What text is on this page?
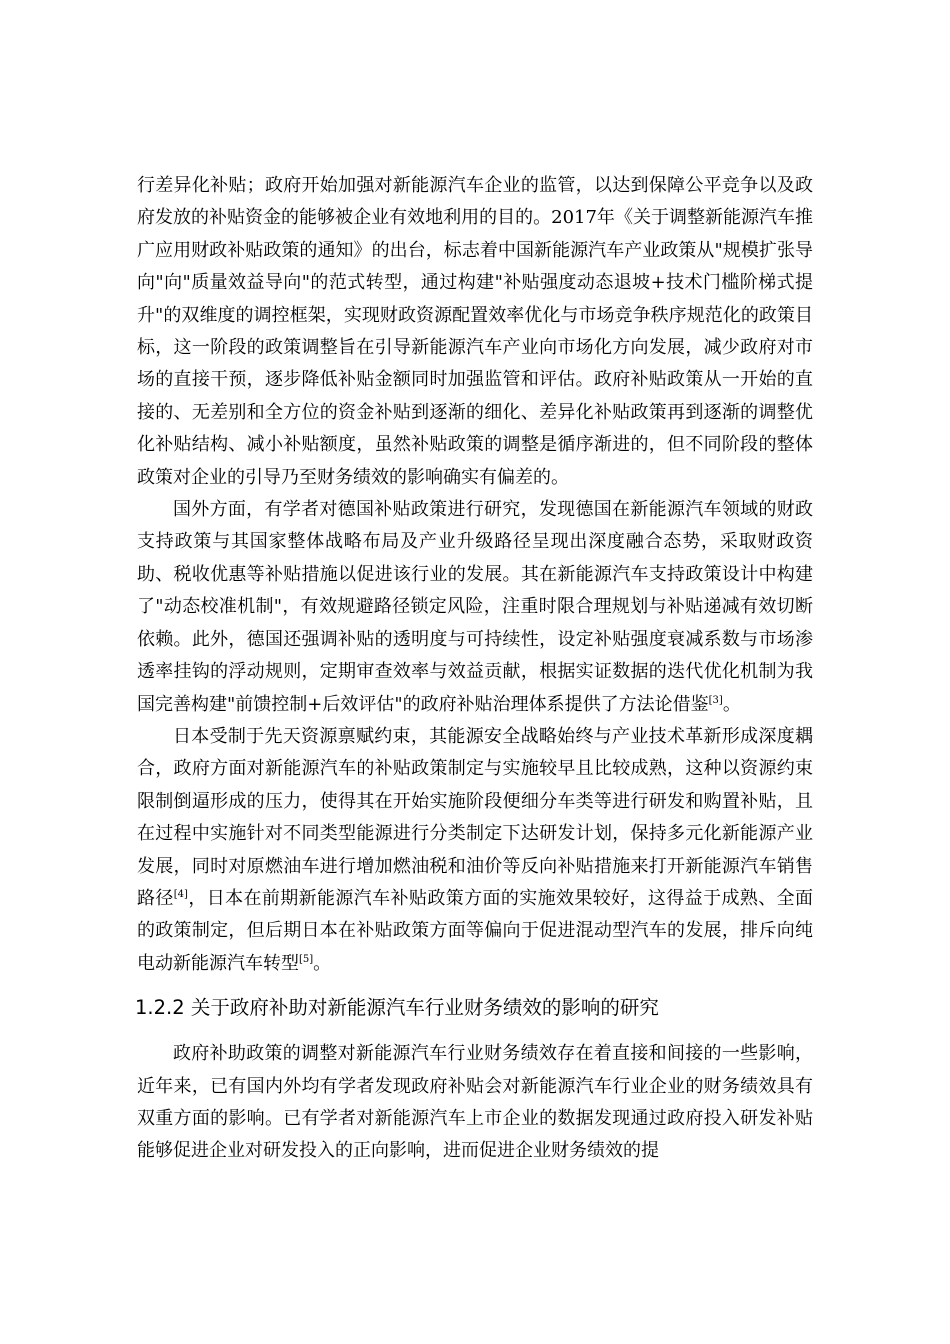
行差异化补贴；政府开始加强对新能源汽车企业的监管，以达到保障公平竞争以及政府发放的补贴资金的能够被企业有效地利用的目的。2017年《关于调整新能源汽车推广应用财政补贴政策的通知》的出台，标志着中国新能源汽车产业政策从"规模扩张导向"向"质量效益导向"的范式转型，通过构建"补贴强度动态退坡+技术门槛阶梯式提升"的双维度的调控框架，实现财政资源配置效率优化与市场竞争秩序规范化的政策目标，这一阶段的政策调整旨在引导新能源汽车产业向市场化方向发展，减少政府对市场的直接干预，逐步降低补贴金额同时加强监管和评估。政府补贴政策从一开始的直接的、无差别和全方位的资金补贴到逐渐的细化、差异化补贴政策再到逐渐的调整优化补贴结构、减小补贴额度，虽然补贴政策的调整是循序渐进的，但不同阶段的整体政策对企业的引导乃至财务绩效的影响确实有偏差的。

国外方面，有学者对德国补贴政策进行研究，发现德国在新能源汽车领域的财政支持政策与其国家整体战略布局及产业升级路径呈现出深度融合态势，采取财政资助、税收优惠等补贴措施以促进该行业的发展。其在新能源汽车支持政策设计中构建了"动态校准机制"，有效规避路径锁定风险，注重时限合理规划与补贴递减有效切断依赖。此外，德国还强调补贴的透明度与可持续性，设定补贴强度衰减系数与市场渗透率挂钩的浮动规则，定期审查效率与效益贡献，根据实证数据的迭代优化机制为我国完善构建"前馈控制+后效评估"的政府补贴治理体系提供了方法论借鉴[3]。

日本受制于先天资源禀赋约束，其能源安全战略始终与产业技术革新形成深度耦合，政府方面对新能源汽车的补贴政策制定与实施较早且比较成熟，这种以资源约束限制倒逼形成的压力，使得其在开始实施阶段便细分车类等进行研发和购置补贴，且在过程中实施针对不同类型能源进行分类制定下达研发计划，保持多元化新能源产业发展，同时对原燃油车进行增加燃油税和油价等反向补贴措施来打开新能源汽车销售路径[4]，日本在前期新能源汽车补贴政策方面的实施效果较好，这得益于成熟、全面的政策制定，但后期日本在补贴政策方面等偏向于促进混动型汽车的发展，排斥向纯电动新能源汽车转型[5]。

1.2.2 关于政府补助对新能源汽车行业财务绩效的影响的研究

政府补助政策的调整对新能源汽车行业财务绩效存在着直接和间接的一些影响，近年来，已有国内外均有学者发现政府补贴会对新能源汽车行业企业的财务绩效具有双重方面的影响。已有学者对新能源汽车上市企业的数据发现通过政府投入研发补贴能够促进企业对研发投入的正向影响，进而促进企业财务绩效的提
